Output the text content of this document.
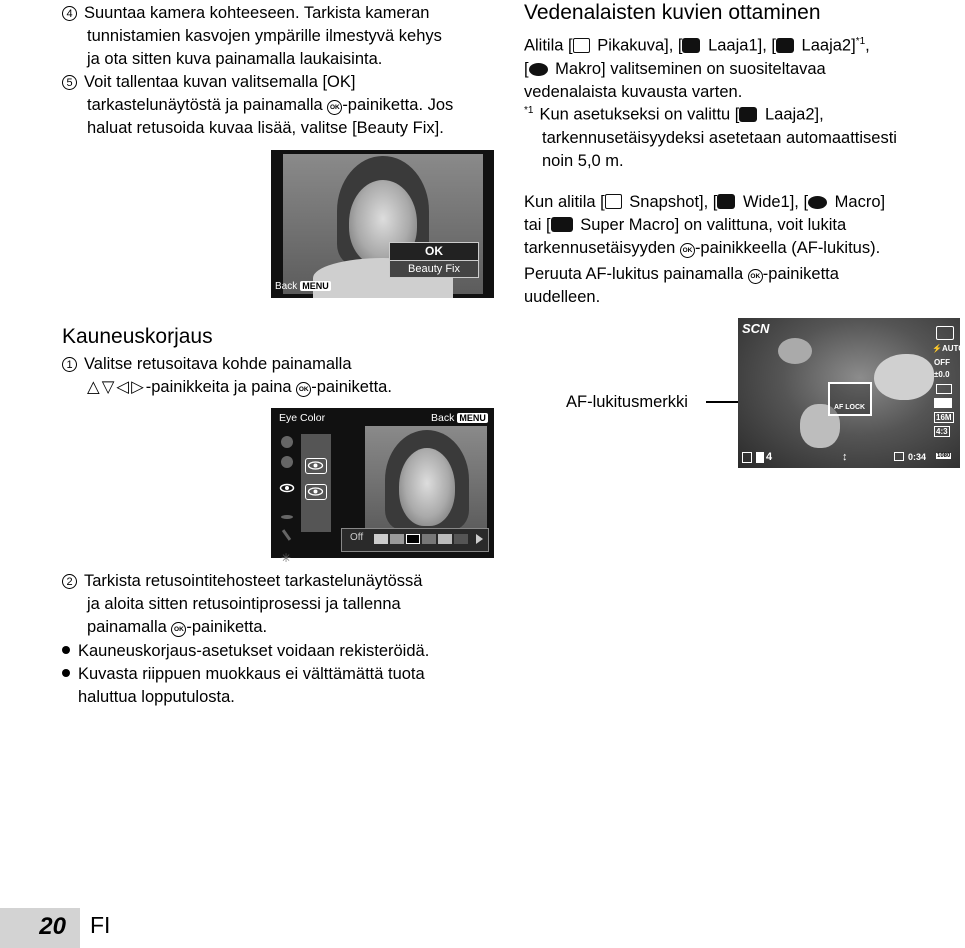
4 Suuntaa kamera kohteeseen. Tarkista kameran

tunnistamien kasvojen ympärille ilmestyvä kehys

ja ota sitten kuva painamalla laukaisinta.

5 Voit tallentaa kuvan valitsemalla [OK]

tarkastelunäytöstä ja painamalla OK -painiketta. Jos

haluat retusoida kuvaa lisää, valitse [Beauty Fix].

OK
Beauty Fix
Back MENU
Kauneuskorjaus

1 Valitse retusoitava kohde painamalla

△▽◁▷-painikkeita ja paina OK -painiketta.

✳
Eye Color	Back MENU
Off

2 Tarkista retusointitehosteet tarkastelunäytössä

ja aloita sitten retusointiprosessi ja tallenna

painamalla OK -painiketta.

Kauneuskorjaus-asetukset voidaan rekisteröidä.

Kuvasta riippuen muokkaus ei välttämättä tuota

haluttua lopputulosta.

Vedenalaisten kuvien ottaminen

Alitila [ Pikakuva], [ Laaja1], [ Laaja2]$^{*1}$,

[ Makro] valitseminen on suositeltavaa

vedenalaista kuvausta varten.

$^{*1}$ Kun asetukseksi on valittu [ Laaja2],

tarkennusetäisyydeksi asetetaan automaattisesti

noin 5,0 m.

Kun alitila [ Snapshot], [ Wide1], [ Macro]

tai [ Super Macro] on valittuna, voit lukita

tarkennusetäisyyden OK -painikkeella (AF-lukitus).

Peruuta AF-lukitus painamalla OK -painiketta

uudelleen.

AF-lukitusmerkki
SCN
AF LOCK
⚡AUTO
OFF
±0.0
16M
4:3
4	↕	0:34 1080
20 FI
